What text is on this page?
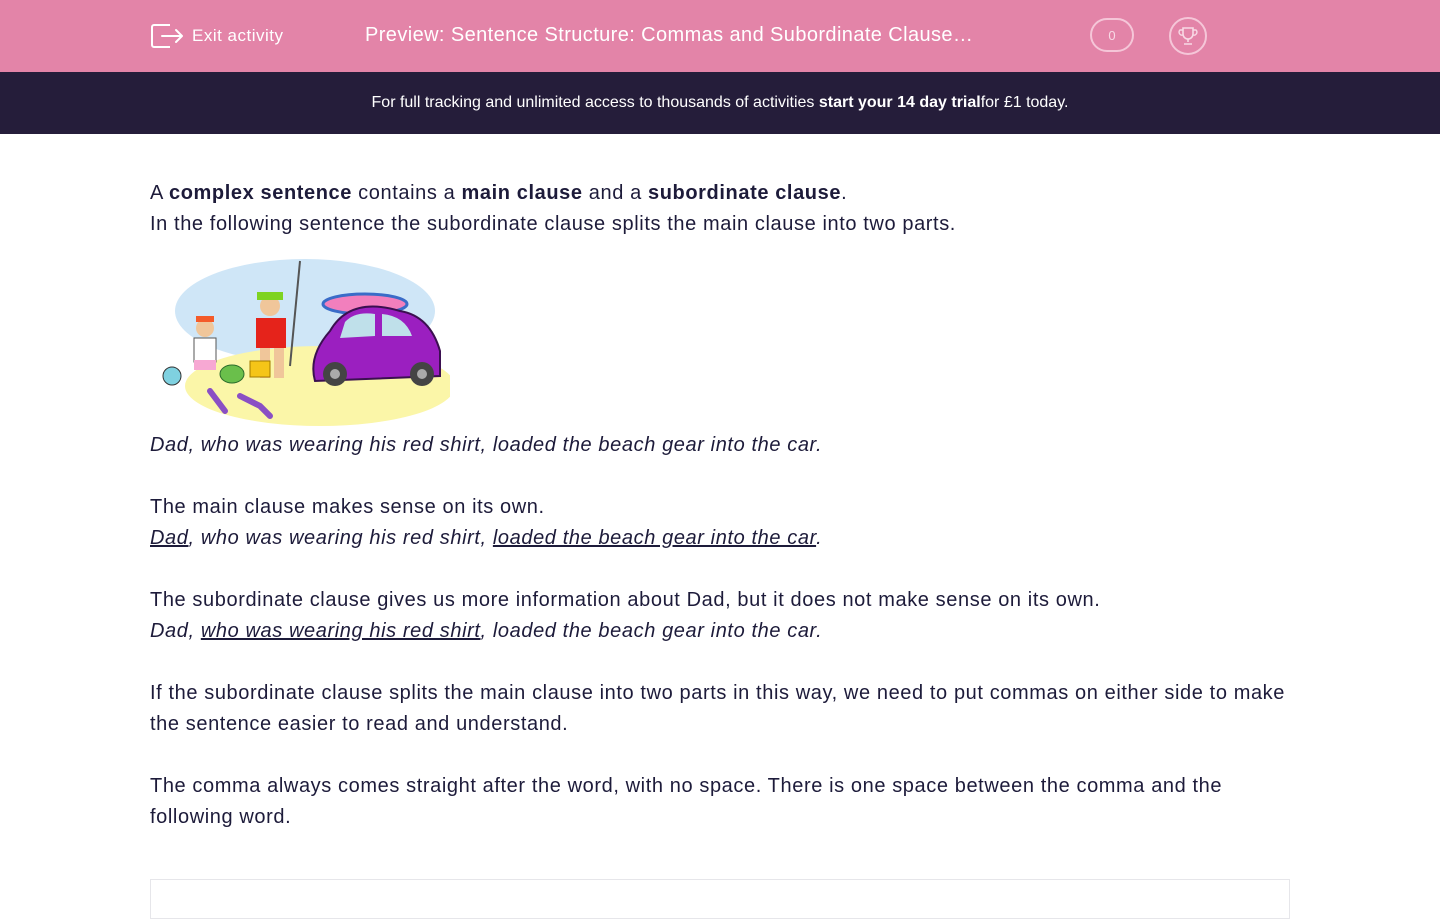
Exit activity	Preview: Sentence Structure: Commas and Subordinate Clause…	0
For full tracking and unlimited access to thousands of activities
start your 14 day trial for £1 today.

A complex sentence contains a main clause and a subordinate clause.

In the following sentence the subordinate clause splits the main clause into two parts.

Dad, who was wearing his red shirt, loaded the beach gear into the car.

The main clause makes sense on its own.

Dad, who was wearing his red shirt, loaded the beach gear into the car.

The subordinate clause gives us more information about Dad, but it does not make sense on its own.

Dad, who was wearing his red shirt, loaded the beach gear into the car.

If the subordinate clause splits the main clause into two parts in this way, we need to put commas on either side to make the sentence easier to read and understand.

The comma always comes straight after the word, with no space. There is one space between the comma and the following word.
